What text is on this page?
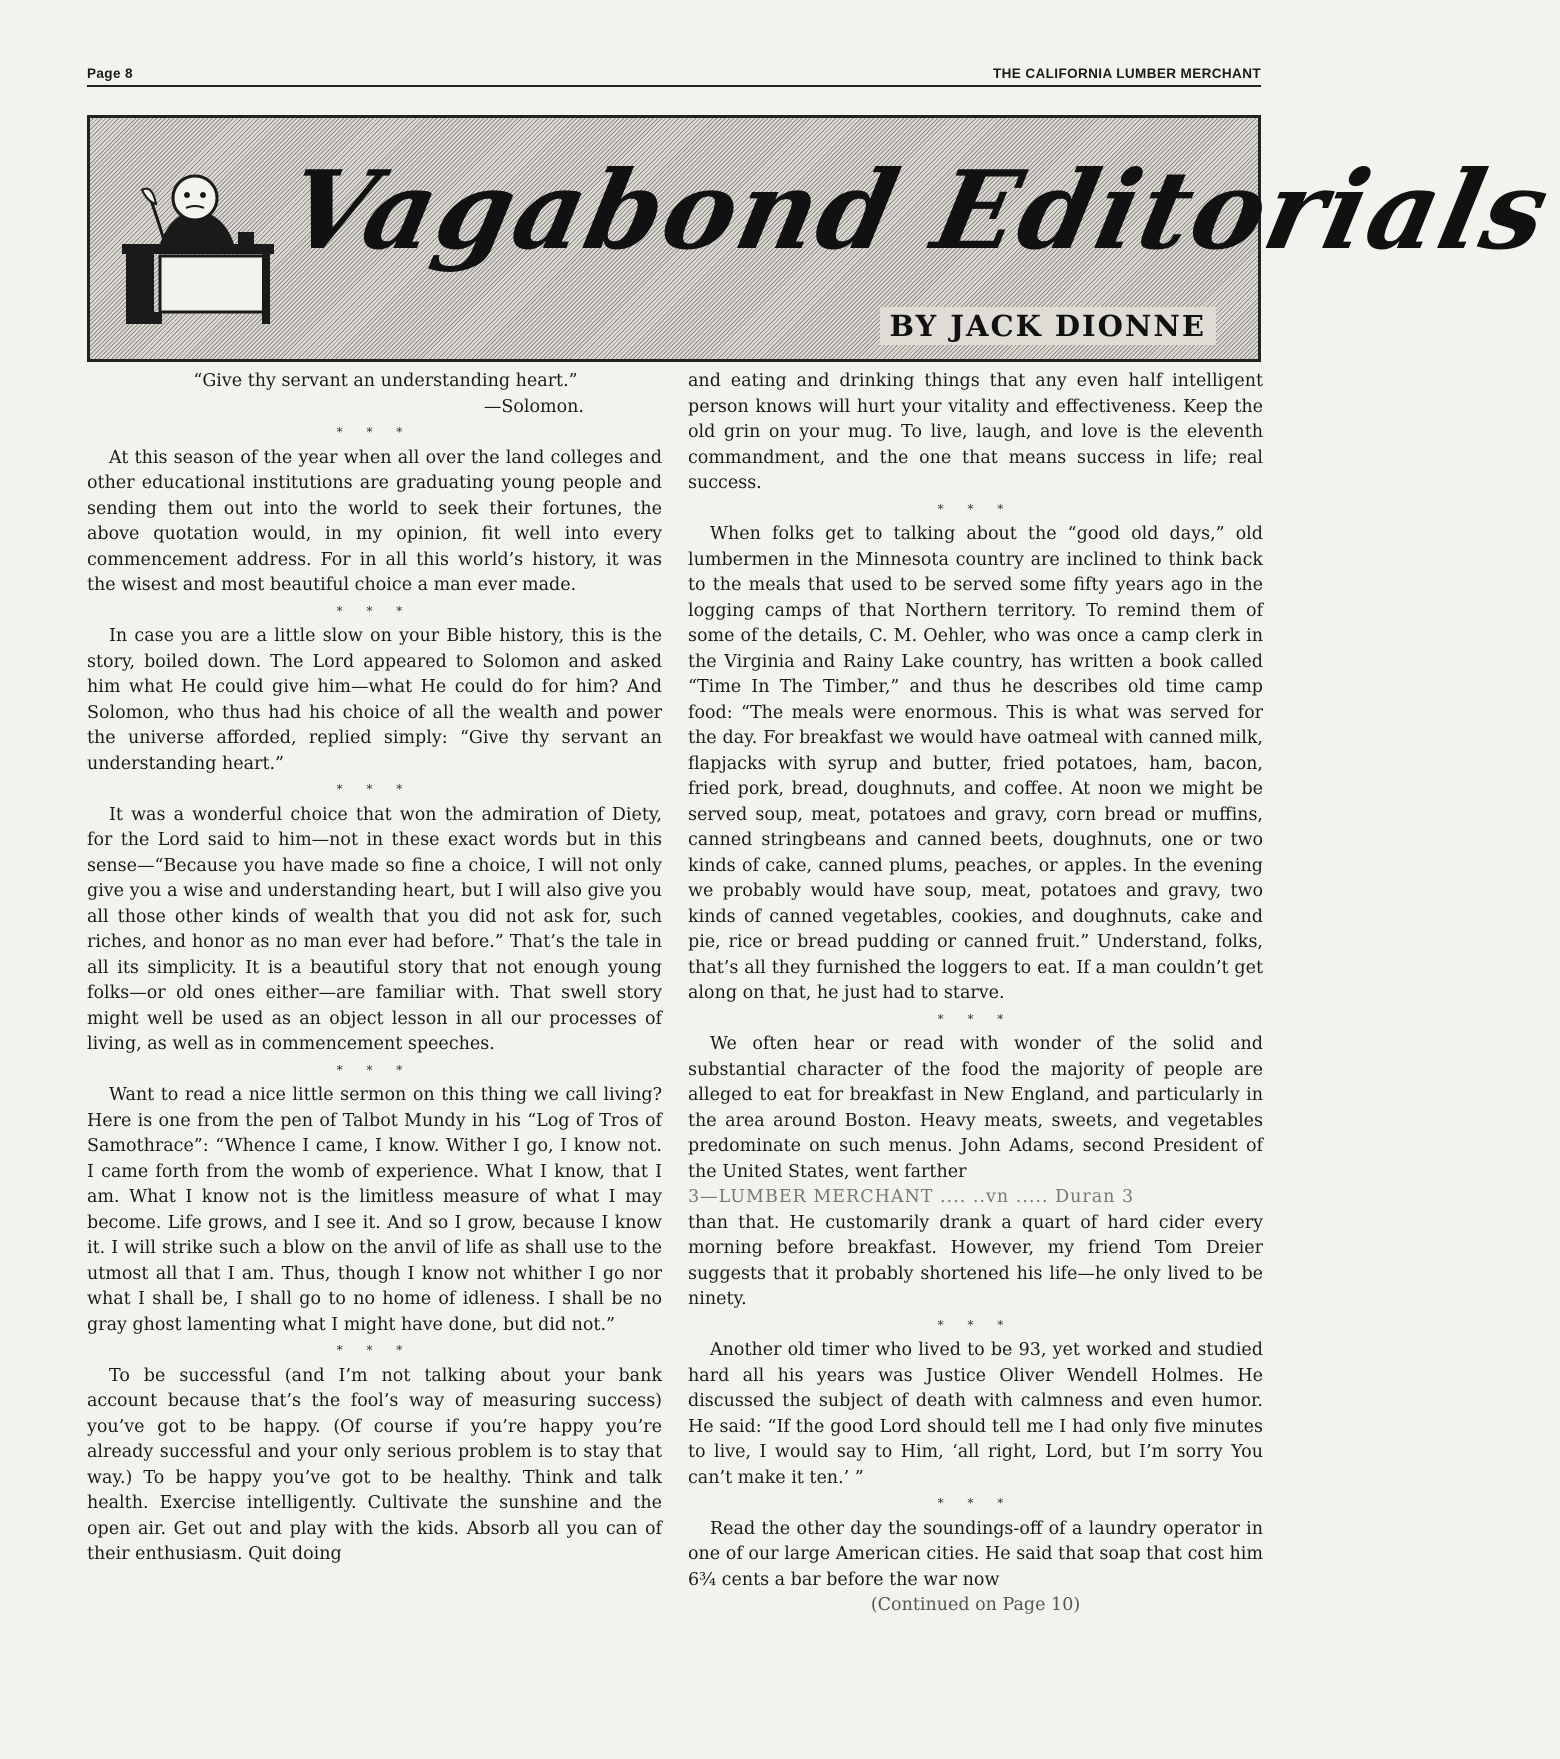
Page 8	THE CALIFORNIA LUMBER MERCHANT
Vagabond Editorials
BY JACK DIONNE

“Give thy servant an understanding heart.”

—Solomon.

* * *

At this season of the year when all over the land colleges and other educational institutions are graduating young people and sending them out into the world to seek their fortunes, the above quotation would, in my opinion, fit well into every commencement address. For in all this world’s history, it was the wisest and most beautiful choice a man ever made.

* * *

In case you are a little slow on your Bible history, this is the story, boiled down. The Lord appeared to Solomon and asked him what He could give him—what He could do for him? And Solomon, who thus had his choice of all the wealth and power the universe afforded, replied simply: “Give thy servant an understanding heart.”

* * *

It was a wonderful choice that won the admiration of Diety, for the Lord said to him—not in these exact words but in this sense—“Because you have made so fine a choice, I will not only give you a wise and understanding heart, but I will also give you all those other kinds of wealth that you did not ask for, such riches, and honor as no man ever had before.” That’s the tale in all its simplicity. It is a beautiful story that not enough young folks—or old ones either—are familiar with. That swell story might well be used as an object lesson in all our processes of living, as well as in commencement speeches.

* * *

Want to read a nice little sermon on this thing we call living? Here is one from the pen of Talbot Mundy in his “Log of Tros of Samothrace”: “Whence I came, I know. Wither I go, I know not. I came forth from the womb of experience. What I know, that I am. What I know not is the limitless measure of what I may become. Life grows, and I see it. And so I grow, because I know it. I will strike such a blow on the anvil of life as shall use to the utmost all that I am. Thus, though I know not whither I go nor what I shall be, I shall go to no home of idleness. I shall be no gray ghost lamenting what I might have done, but did not.”

* * *

To be successful (and I’m not talking about your bank account because that’s the fool’s way of measuring success) you’ve got to be happy. (Of course if you’re happy you’re already successful and your only serious problem is to stay that way.) To be happy you’ve got to be healthy. Think and talk health. Exercise intelligently. Cultivate the sunshine and the open air. Get out and play with the kids. Absorb all you can of their enthusiasm. Quit doing

and eating and drinking things that any even half intelligent person knows will hurt your vitality and effectiveness. Keep the old grin on your mug. To live, laugh, and love is the eleventh commandment, and the one that means success in life; real success.

* * *

When folks get to talking about the “good old days,” old lumbermen in the Minnesota country are inclined to think back to the meals that used to be served some fifty years ago in the logging camps of that Northern territory. To remind them of some of the details, C. M. Oehler, who was once a camp clerk in the Virginia and Rainy Lake country, has written a book called “Time In The Timber,” and thus he describes old time camp food: “The meals were enormous. This is what was served for the day. For breakfast we would have oatmeal with canned milk, flapjacks with syrup and butter, fried potatoes, ham, bacon, fried pork, bread, doughnuts, and coffee. At noon we might be served soup, meat, potatoes and gravy, corn bread or muffins, canned stringbeans and canned beets, doughnuts, one or two kinds of cake, canned plums, peaches, or apples. In the evening we probably would have soup, meat, potatoes and gravy, two kinds of canned vegetables, cookies, and doughnuts, cake and pie, rice or bread pudding or canned fruit.” Understand, folks, that’s all they furnished the loggers to eat. If a man couldn’t get along on that, he just had to starve.

* * *

We often hear or read with wonder of the solid and substantial character of the food the majority of people are alleged to eat for breakfast in New England, and particularly in the area around Boston. Heavy meats, sweets, and vegetables predominate on such menus. John Adams, second President of the United States, went farther

3—LUMBER MERCHANT .... ..vn ..... Duran 3

than that. He customarily drank a quart of hard cider every morning before breakfast. However, my friend Tom Dreier suggests that it probably shortened his life—he only lived to be ninety.

* * *

Another old timer who lived to be 93, yet worked and studied hard all his years was Justice Oliver Wendell Holmes. He discussed the subject of death with calmness and even humor. He said: “If the good Lord should tell me I had only five minutes to live, I would say to Him, ‘all right, Lord, but I’m sorry You can’t make it ten.’ ”

* * *

Read the other day the soundings-off of a laundry operator in one of our large American cities. He said that soap that cost him 6¾ cents a bar before the war now

(Continued on Page 10)
